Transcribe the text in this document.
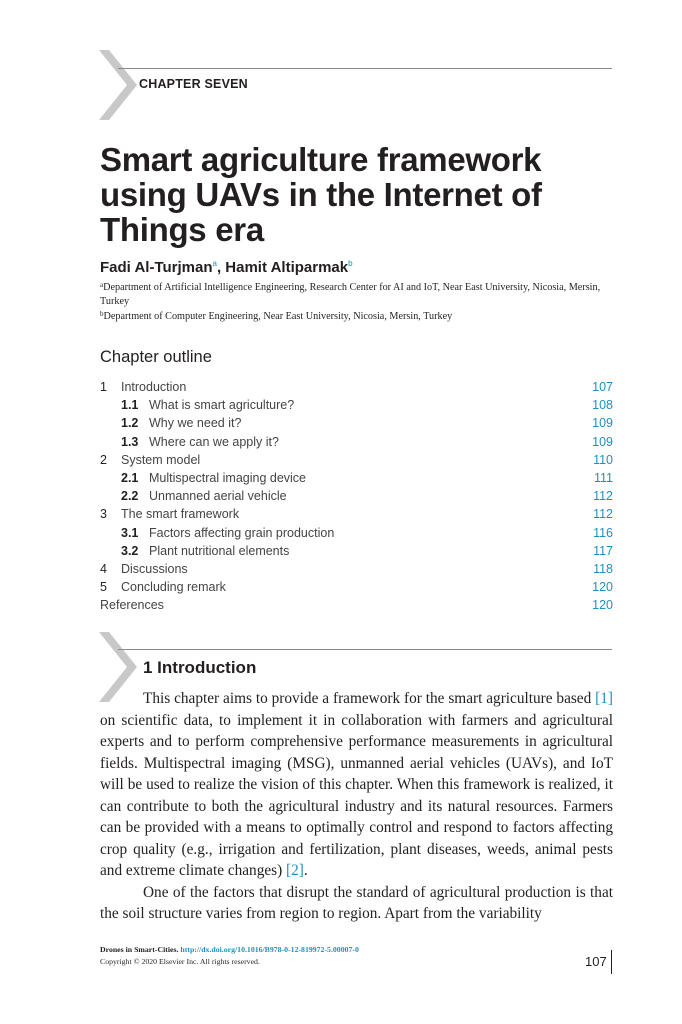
CHAPTER SEVEN
Smart agriculture framework using UAVs in the Internet of Things era
Fadi Al-Turjman$^a$, Hamit Altiparmak$^b$
$^a$Department of Artificial Intelligence Engineering, Research Center for AI and IoT, Near East University, Nicosia, Mersin, Turkey
$^b$Department of Computer Engineering, Near East University, Nicosia, Mersin, Turkey
Chapter outline
1	Introduction	107
1.1 What is smart agriculture?	108
1.2 Why we need it?	109
1.3 Where can we apply it?	109
2	System model	110
2.1 Multispectral imaging device	111
2.2 Unmanned aerial vehicle	112
3	The smart framework	112
3.1 Factors affecting grain production	116
3.2 Plant nutritional elements	117
4	Discussions	118
5	Concluding remark	120
References	120
1 Introduction

This chapter aims to provide a framework for the smart agriculture based [1] on scientific data, to implement it in collaboration with farmers and agricultural experts and to perform comprehensive performance measurements in agricultural fields. Multispectral imaging (MSG), unmanned aerial vehicles (UAVs), and IoT will be used to realize the vision of this chapter. When this framework is realized, it can contribute to both the agricultural industry and its natural resources. Farmers can be provided with a means to optimally control and respond to factors affecting crop quality (e.g., irrigation and fertilization, plant diseases, weeds, animal pests and extreme climate changes) [2].

One of the factors that disrupt the standard of agricultural production is that the soil structure varies from region to region. Apart from the variability

Drones in Smart-Cities. http://dx.doi.org/10.1016/B978-0-12-819972-5.00007-0
Copyright © 2020 Elsevier Inc. All rights reserved.	107
